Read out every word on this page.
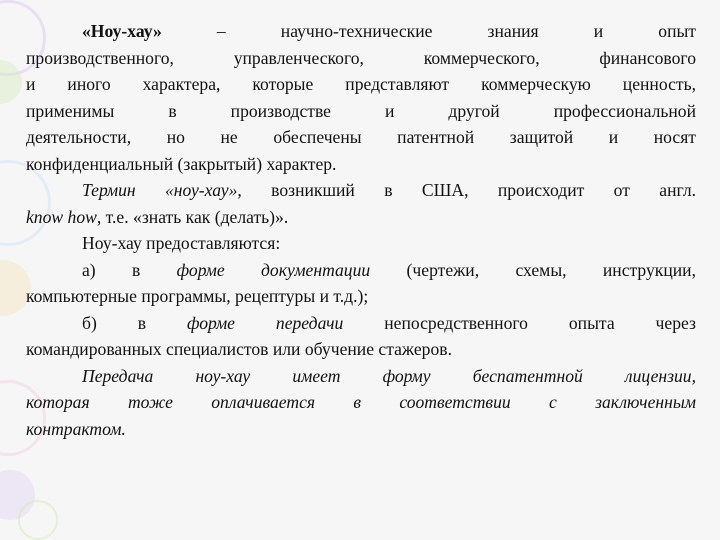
«Ноу-хау»	– научно-технические знания и опыт
производственного, управленческого, коммерческого, финансового
и иного характера, которые представляют коммерческую ценность,
применимы в производстве и другой профессиональной
деятельности, но не обеспечены патентной защитой и носят
конфиденциальный (закрытый) характер.

Термин «ноу-хау», возникший в США, происходит от англ.
know how, т.е. «знать как (делать)».

Ноу-хау предоставляются:

а) в форме документации (чертежи, схемы, инструкции,
компьютерные программы, рецептуры и т.д.);

б) в форме передачи непосредственного опыта через
командированных специалистов или обучение стажеров.

Передача ноу-хау имеет форму беспатентной лицензии,
которая тоже оплачивается в соответствии с заключенным
контрактом.
